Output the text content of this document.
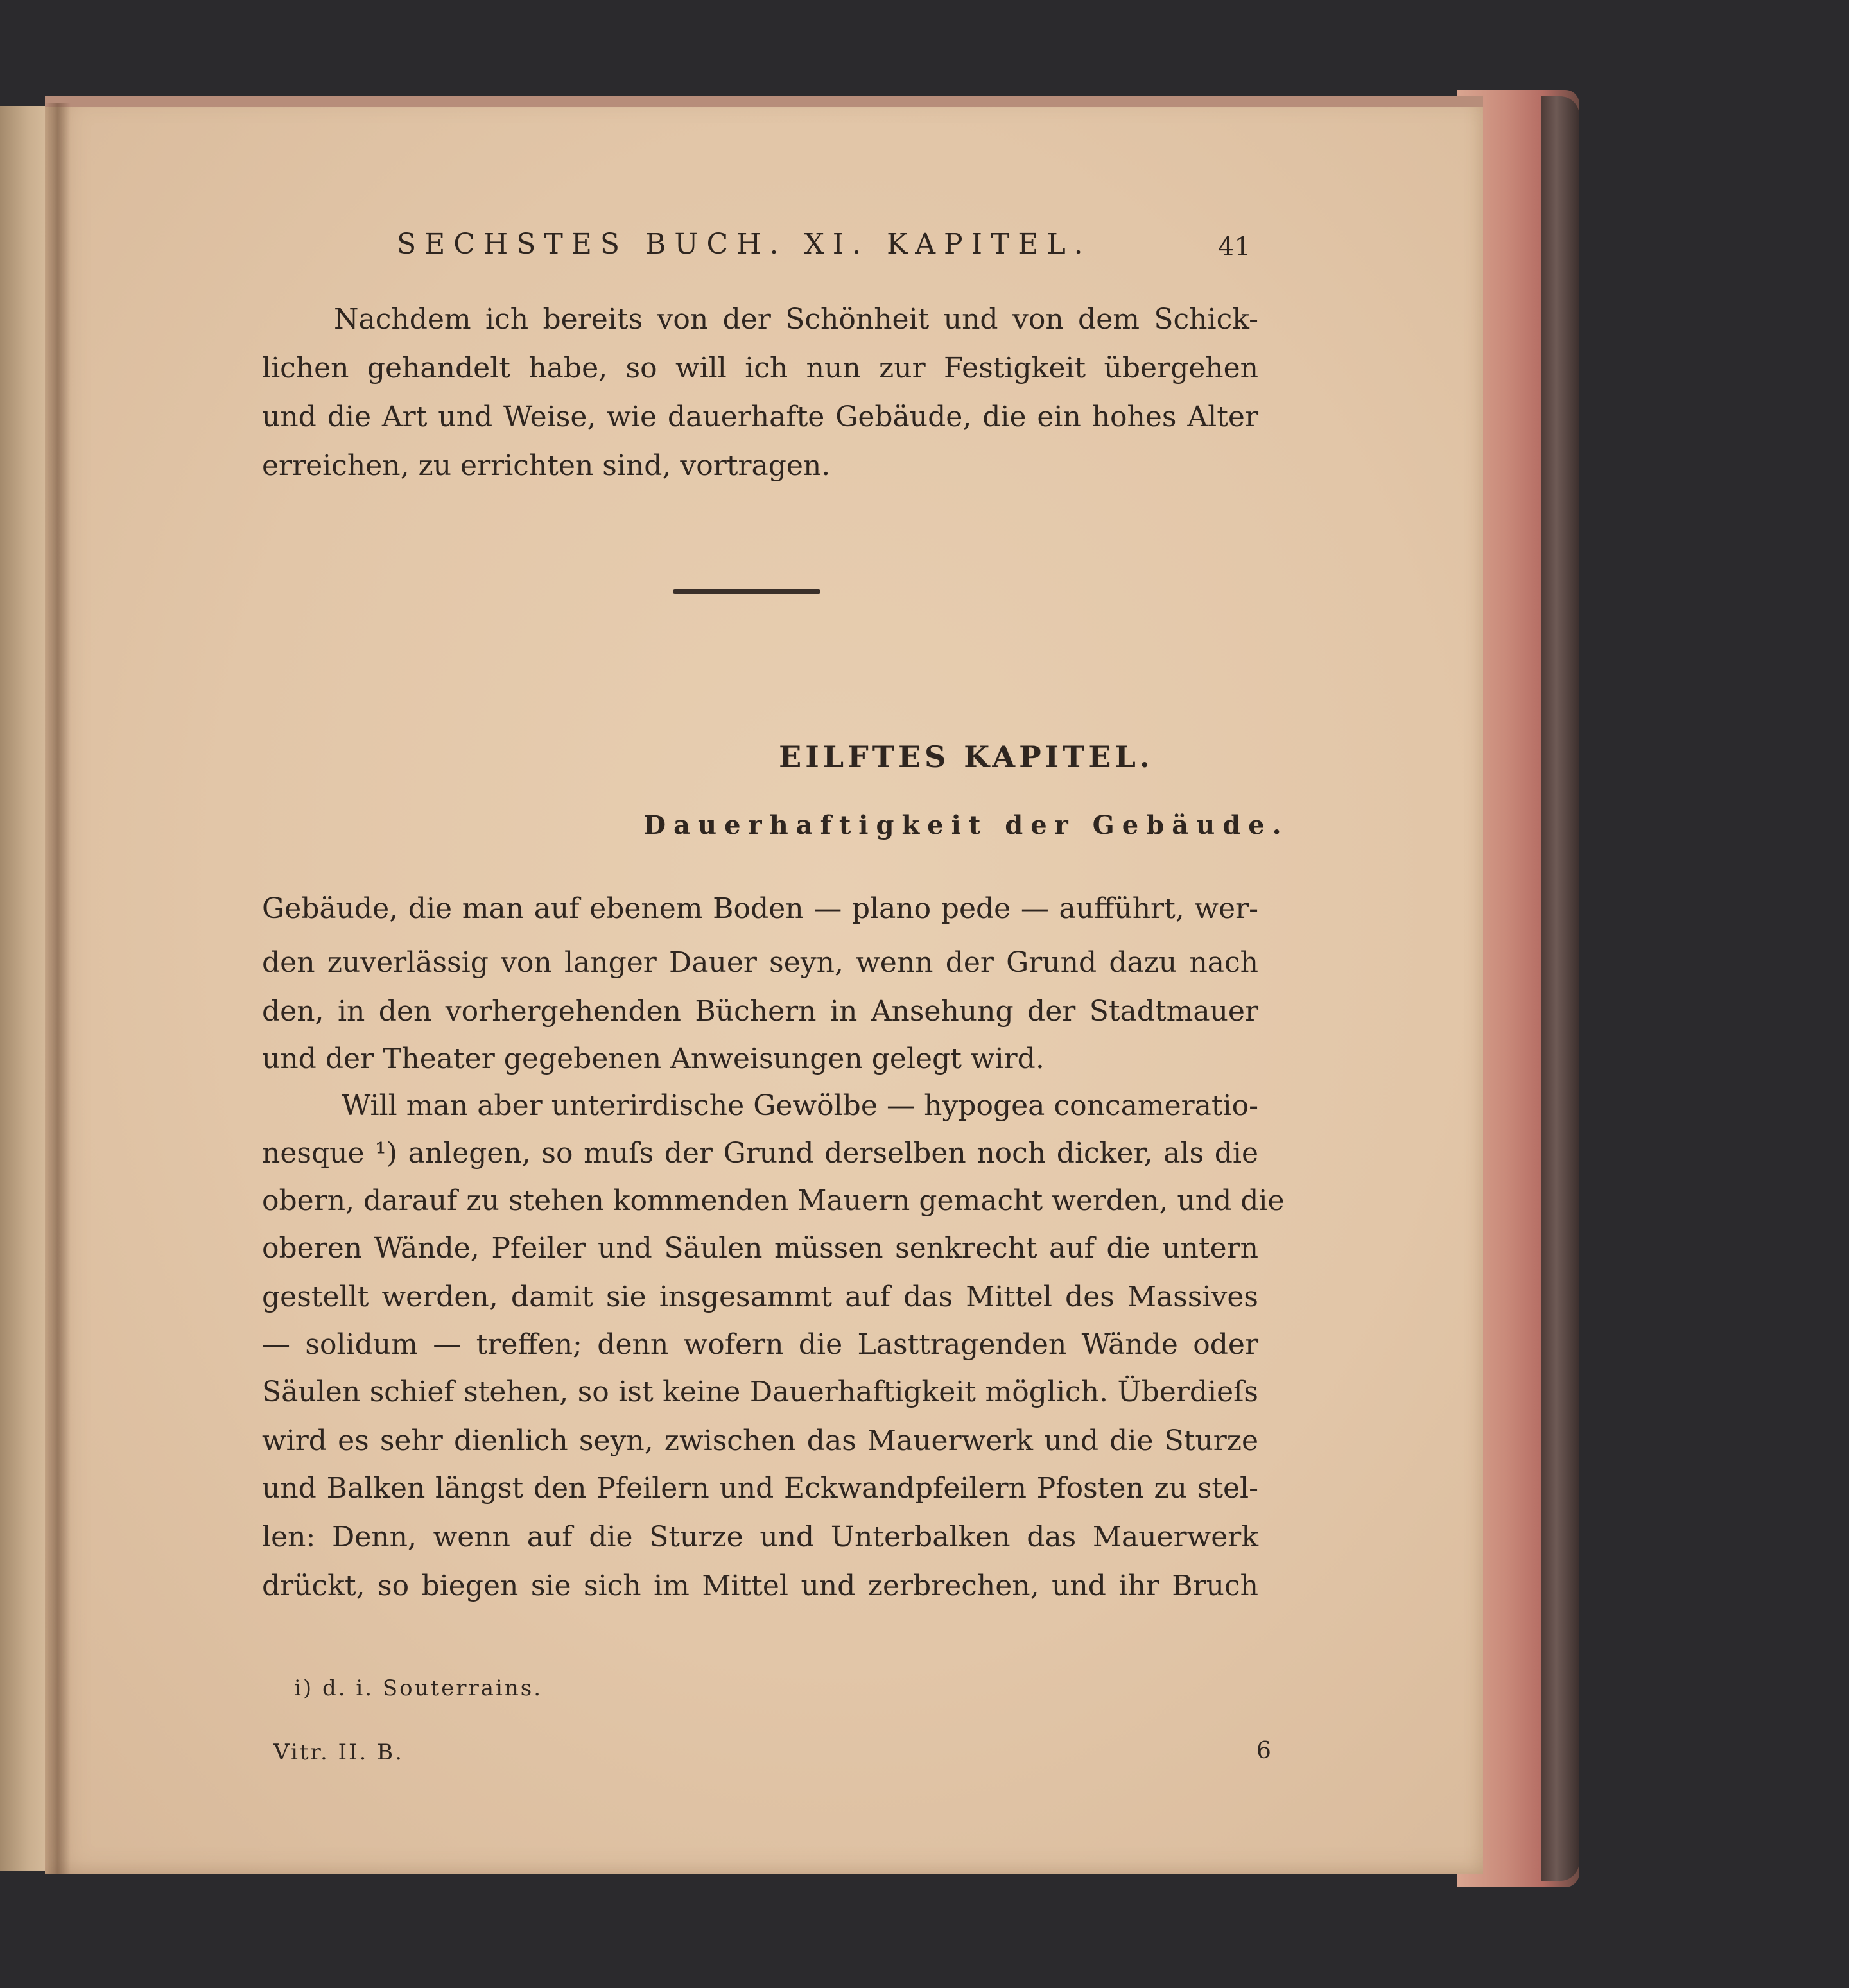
SECHSTES BUCH. XI. KAPITEL.	41
Nachdem ich bereits von der Schönheit und von dem Schick-
lichen gehandelt habe, so will ich nun zur Festigkeit übergehen
und die Art und Weise, wie dauerhafte Gebäude, die ein hohes Alter
erreichen, zu errichten sind, vortragen.
EILFTES KAPITEL.
Dauerhaftigkeit der Gebäude.
Gebäude, die man auf ebenem Boden — plano pede — aufführt, wer-
den zuverlässig von langer Dauer seyn, wenn der Grund dazu nach
den, in den vorhergehenden Büchern in Ansehung der Stadtmauer
und der Theater gegebenen Anweisungen gelegt wird.
Will man aber unterirdische Gewölbe — hypogea concameratio-
nesque ¹) anlegen, so muſs der Grund derselben noch dicker, als die
obern, darauf zu stehen kommenden Mauern gemacht werden, und die
oberen Wände, Pfeiler und Säulen müssen senkrecht auf die untern
gestellt werden, damit sie insgesammt auf das Mittel des Massives
— solidum — treffen; denn wofern die Lasttragenden Wände oder
Säulen schief stehen, so ist keine Dauerhaftigkeit möglich. Überdieſs
wird es sehr dienlich seyn, zwischen das Mauerwerk und die Sturze
und Balken längst den Pfeilern und Eckwandpfeilern Pfosten zu stel-
len: Denn, wenn auf die Sturze und Unterbalken das Mauerwerk
drückt, so biegen sie sich im Mittel und zerbrechen, und ihr Bruch
i) d. i. Souterrains.
Vitr. II. B.	6
